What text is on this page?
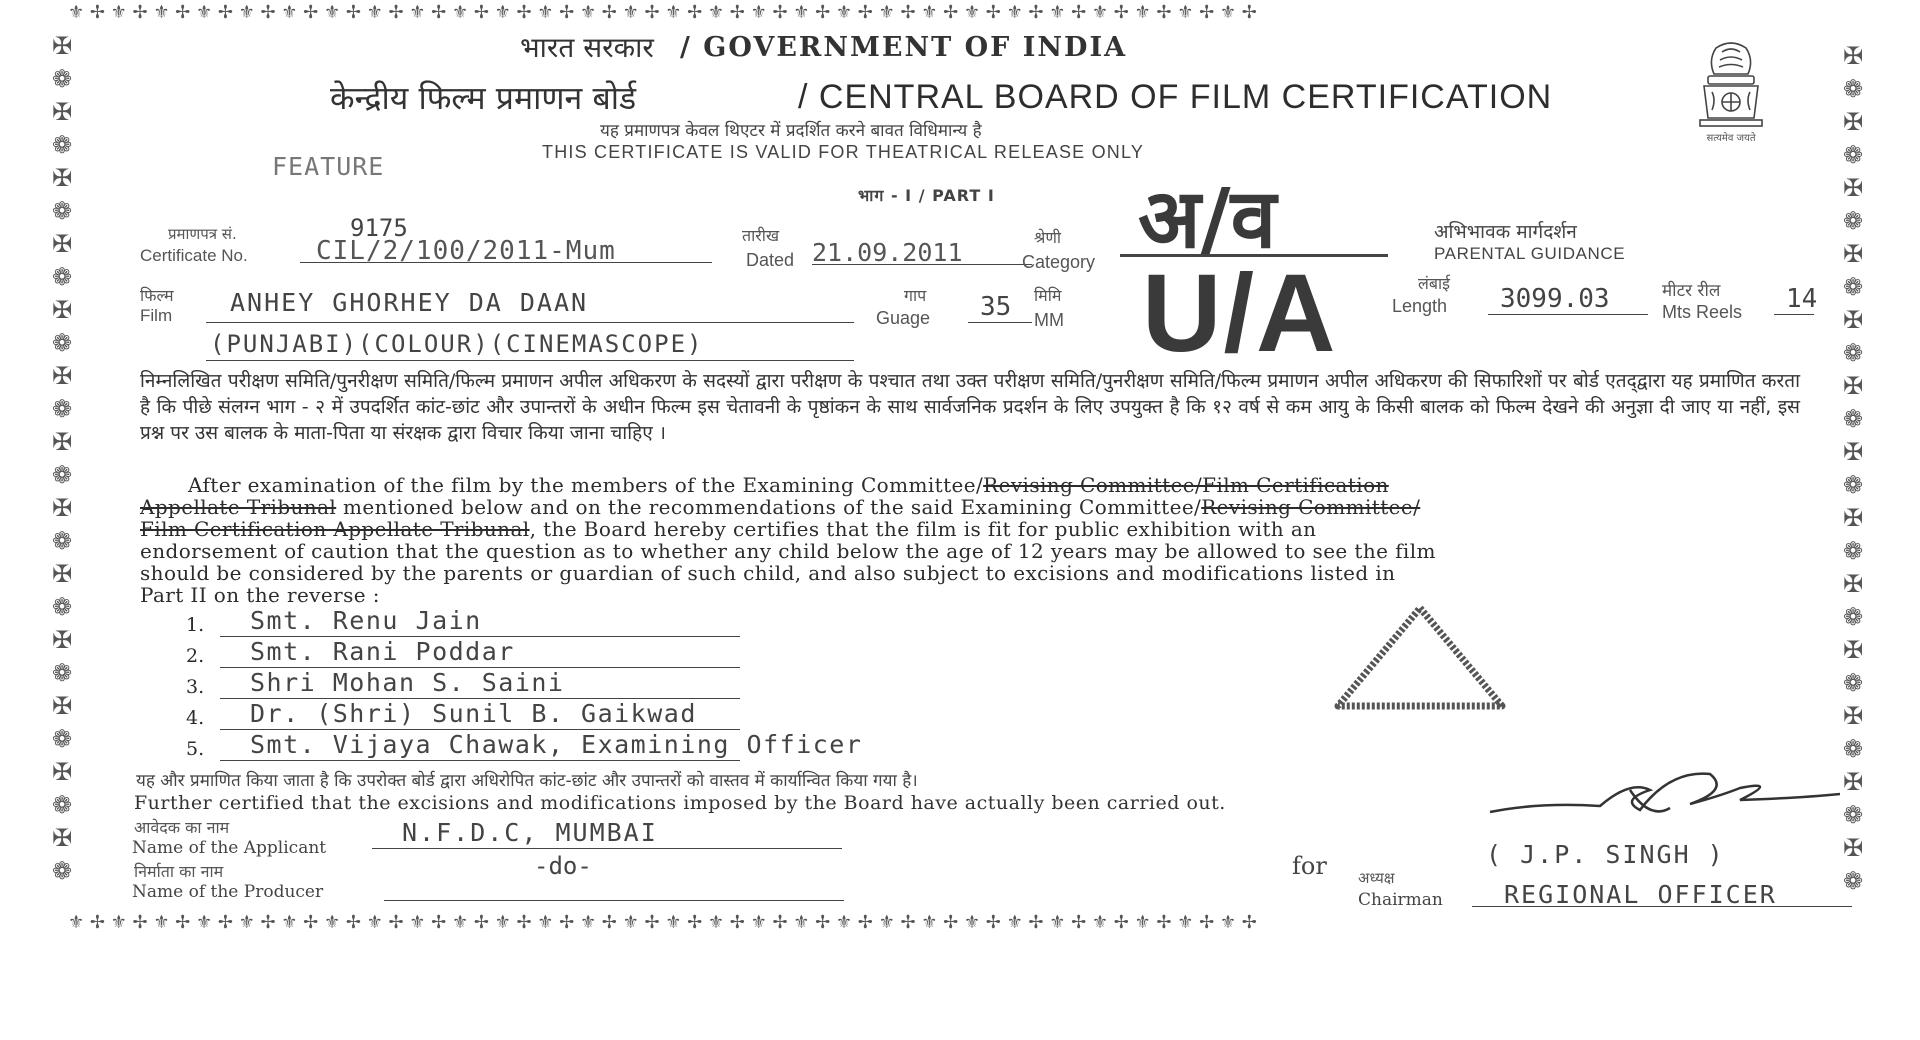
⚜ ✢ ⚜ ✢ ⚜ ✢ ⚜ ✢ ⚜ ✢ ⚜ ✢ ⚜ ✢ ⚜ ✢ ⚜ ✢ ⚜ ✢ ⚜ ✢ ⚜ ✢ ⚜ ✢ ⚜ ✢ ⚜ ✢ ⚜ ✢ ⚜ ✢ ⚜ ✢ ⚜ ✢ ⚜ ✢ ⚜ ✢ ⚜ ✢ ⚜ ✢ ⚜ ✢ ⚜ ✢ ⚜ ✢ ⚜ ✢ ⚜ ✢
⚜ ✢ ⚜ ✢ ⚜ ✢ ⚜ ✢ ⚜ ✢ ⚜ ✢ ⚜ ✢ ⚜ ✢ ⚜ ✢ ⚜ ✢ ⚜ ✢ ⚜ ✢ ⚜ ✢ ⚜ ✢ ⚜ ✢ ⚜ ✢ ⚜ ✢ ⚜ ✢ ⚜ ✢ ⚜ ✢ ⚜ ✢ ⚜ ✢ ⚜ ✢ ⚜ ✢ ⚜ ✢ ⚜ ✢ ⚜ ✢ ⚜ ✢
✠ ❁ ✠ ❁ ✠ ❁ ✠ ❁ ✠ ❁ ✠ ❁ ✠ ❁ ✠ ❁ ✠ ❁ ✠ ❁ ✠ ❁ ✠ ❁ ✠ ❁
✠ ❁ ✠ ❁ ✠ ❁ ✠ ❁ ✠ ❁ ✠ ❁ ✠ ❁ ✠ ❁ ✠ ❁ ✠ ❁ ✠ ❁ ✠ ❁ ✠ ❁
भारत सरकार / GOVERNMENT OF INDIA
केन्द्रीय फिल्म प्रमाणन बोर्ड	/ CENTRAL BOARD OF FILM CERTIFICATION
यह प्रमाणपत्र केवल थिएटर में प्रदर्शित करने बावत विधिमान्य है
THIS CERTIFICATE IS VALID FOR THEATRICAL RELEASE ONLY
FEATURE
भाग - I / PART I
सत्यमेव जयते
अ/व
U/A
अभिभावक मार्गदर्शन
PARENTAL GUIDANCE
प्रमाणपत्र सं.
Certificate No.
9175
CIL/2/100/2011-Mum
तारीख
Dated 21.09.2011
श्रेणी
Category
फिल्म
Film ANHEY GHORHEY DA DAAN
(PUNJABI)(COLOUR)(CINEMASCOPE)
गाप
Guage 35 मिमि
MM
लंबाई
Length 3099.03	मीटर रील
Mts Reels 14
निम्नलिखित परीक्षण समिति/पुनरीक्षण समिति/फिल्म प्रमाणन अपील अधिकरण के सदस्यों द्वारा परीक्षण के पश्चात तथा उक्त परीक्षण समिति/पुनरीक्षण समिति/फिल्म प्रमाणन अपील अधिकरण की सिफारिशों पर बोर्ड एतद्‌द्वारा यह प्रमाणित करता है कि पीछे संलग्न भाग - २ में उपदर्शित कांट-छांट और उपान्तरों के अधीन फिल्म इस चेतावनी के पृष्ठांकन के साथ सार्वजनिक प्रदर्शन के लिए उपयुक्त है कि १२ वर्ष से कम आयु के किसी बालक को फिल्म देखने की अनुज्ञा दी जाए या नहीं, इस प्रश्न पर उस बालक के माता-पिता या संरक्षक द्वारा विचार किया जाना चाहिए ।
After examination of the film by the members of the Examining Committee/Revising Committee/Film Certification
Appellate Tribunal mentioned below and on the recommendations of the said Examining Committee/Revising Committee/
Film Certification Appellate Tribunal, the Board hereby certifies that the film is fit for public exhibition with an
endorsement of caution that the question as to whether any child below the age of 12 years may be allowed to see the film
should be considered by the parents or guardian of such child, and also subject to excisions and modifications listed in
Part II on the reverse :
1. Smt. Renu Jain
2. Smt. Rani Poddar
3. Shri Mohan S. Saini
4. Dr. (Shri) Sunil B. Gaikwad
5. Smt. Vijaya Chawak, Examining Officer
यह और प्रमाणित किया जाता है कि उपरोक्त बोर्ड द्वारा अधिरोपित कांट-छांट और उपान्तरों को वास्तव में कार्यान्वित किया गया है।
Further certified that the excisions and modifications imposed by the Board have actually been carried out.
आवेदक का नाम
Name of the Applicant
N.F.D.C, MUMBAI
निर्माता का नाम
Name of the Producer
-do-	for अध्यक्ष
Chairman
( J.P. SINGH )
REGIONAL OFFICER
